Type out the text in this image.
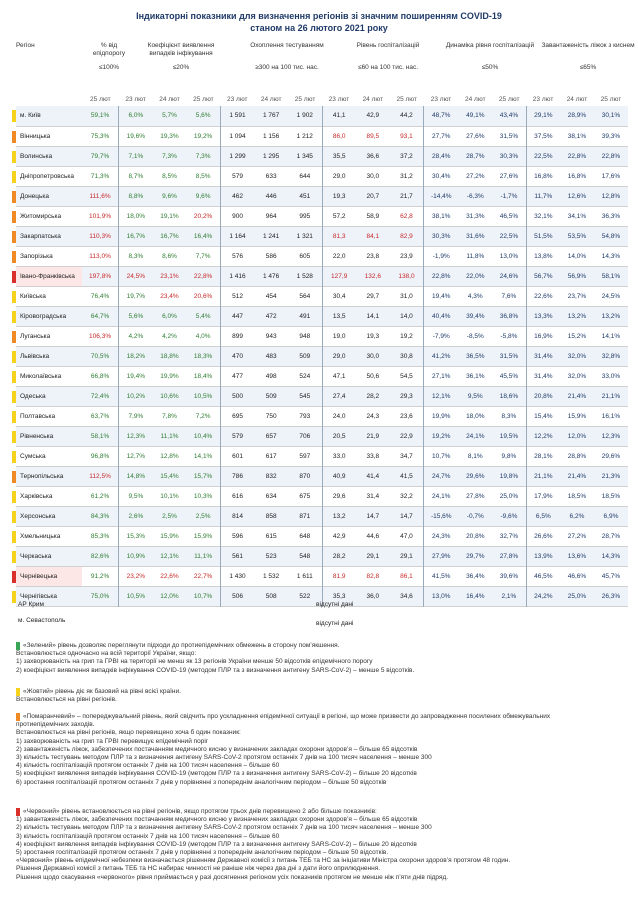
Індикаторні показники для визначення регіонів зі значним поширенням COVID-19
станом на 26 лютого 2021 року
Регіон	% від епідпорогу
≤100%
Коефіцієнт виявлення випадків інфікування
≤20%
Охоплення тестуванням
≥300 на 100 тис. нас.
Рівень госпіталізацій
≤60 на 100 тис. нас.
Динаміка рівня госпіталізацій
≤50%
Завантаженість ліжок з киснем
≤65%
	25 лют	23 лют	24 лют	25 лют	23 лют	24 лют	25 лют	23 лют	24 лют	25 лют	23 лют	24 лют	25 лют	23 лют	24 лют	25 лют

м. Київ	59,1%	6,0%	5,7%	5,6%	1 591	1 767	1 902	41,1	42,9	44,2	48,7%	49,1%	43,4%	29,1%	28,9%	30,1%

Вінницька	75,3%	19,6%	19,3%	19,2%	1 094	1 156	1 212	86,0	89,5	93,1	27,7%	27,6%	31,5%	37,5%	38,1%	39,3%

Волинська	79,7%	7,1%	7,3%	7,3%	1 299	1 295	1 345	35,5	36,6	37,2	28,4%	28,7%	30,3%	22,5%	22,8%	22,8%

Дніпропетровська	71,3%	8,7%	8,5%	8,5%	579	633	644	29,0	30,0	31,2	30,4%	27,2%	27,6%	16,8%	16,8%	17,6%

Донецька	111,6%	8,8%	9,6%	9,6%	462	446	451	19,3	20,7	21,7	-14,4%	-6,3%	-1,7%	11,7%	12,6%	12,8%

Житомирська	101,9%	18,0%	19,1%	20,2%	900	964	995	57,2	58,9	62,8	38,1%	31,3%	46,5%	32,1%	34,1%	36,3%

Закарпатська	110,3%	16,7%	16,7%	16,4%	1 164	1 241	1 321	81,3	84,1	82,9	30,3%	31,6%	22,5%	51,5%	53,5%	54,8%

Запорізька	113,0%	8,3%	8,6%	7,7%	576	586	605	22,0	23,8	23,9	-1,9%	11,8%	13,0%	13,8%	14,0%	14,3%

Івано-Франківська	197,8%	24,5%	23,1%	22,8%	1 416	1 476	1 528	127,9	132,6	138,0	22,8%	22,0%	24,6%	56,7%	56,9%	58,1%

Київська	76,4%	19,7%	23,4%	20,6%	512	454	564	30,4	29,7	31,0	19,4%	4,3%	7,6%	22,6%	23,7%	24,5%

Кіровоградська	64,7%	5,6%	6,0%	5,4%	447	472	491	13,5	14,1	14,0	40,4%	39,4%	36,8%	13,3%	13,2%	13,2%

Луганська	106,3%	4,2%	4,2%	4,0%	899	943	948	19,0	19,3	19,2	-7,9%	-8,5%	-5,8%	16,9%	15,2%	14,1%

Львівська	70,5%	18,2%	18,8%	18,3%	470	483	509	29,0	30,0	30,8	41,2%	36,5%	31,5%	31,4%	32,0%	32,8%

Миколаївська	66,8%	19,4%	19,9%	18,4%	477	498	524	47,1	50,6	54,5	27,1%	36,1%	45,5%	31,4%	32,0%	33,0%

Одеська	72,4%	10,2%	10,6%	10,5%	500	509	545	27,4	28,2	29,3	12,1%	9,5%	18,6%	20,8%	21,4%	21,1%

Полтавська	63,7%	7,9%	7,8%	7,2%	695	750	793	24,0	24,3	23,6	19,9%	18,0%	8,3%	15,4%	15,9%	16,1%

Рівненська	58,1%	12,3%	11,1%	10,4%	579	657	706	20,5	21,9	22,9	19,2%	24,1%	19,5%	12,2%	12,0%	12,3%

Сумська	96,8%	12,7%	12,8%	14,1%	601	617	597	33,0	33,8	34,7	10,7%	8,1%	9,8%	28,1%	28,8%	29,6%

Тернопільська	112,5%	14,8%	15,4%	15,7%	786	832	870	40,9	41,4	41,5	24,7%	29,6%	19,8%	21,1%	21,4%	21,3%

Харківська	61,2%	9,5%	10,1%	10,3%	616	634	675	29,6	31,4	32,2	24,1%	27,8%	25,0%	17,9%	18,5%	18,5%

Херсонська	84,3%	2,6%	2,5%	2,5%	814	858	871	13,2	14,7	14,7	-15,6%	-0,7%	-9,6%	6,5%	6,2%	6,9%

Хмельницька	85,3%	15,3%	15,9%	15,9%	596	615	648	42,9	44,6	47,0	24,3%	20,8%	32,7%	26,6%	27,2%	28,7%

Черкаська	82,6%	10,9%	12,1%	11,1%	561	523	548	28,2	29,1	29,1	27,9%	29,7%	27,8%	13,9%	13,6%	14,3%

Чернівецька	91,2%	23,2%	22,6%	22,7%	1 430	1 532	1 611	81,9	82,8	86,1	41,5%	36,4%	39,6%	46,5%	46,6%	45,7%

Чернігівська	75,0%	10,5%	12,0%	10,7%	506	508	522	35,3	36,0	34,6	13,0%	16,4%	2,1%	24,2%	25,0%	26,3%
АР Крим	відсутні дані
м. Севастополь	відсутні дані
«Зелений» рівень дозволяє переглянути підходи до протиепідемічних обмежень в сторону пом’якшення.
Встановлюється одночасно на всій території України, якщо:
1) захворюваність на грип та ГРВІ на території не менш як 13 регіонів України менше 50 відсотків епідемічного порогу
2) коефіцієнт виявлення випадків інфікування COVID-19 (методом ПЛР та з визначення антигену SARS-CoV-2) – менше 5 відсотків.
«Жовтий» рівень діє як базовий на рівні всієї країни.
Встановлюється на рівні регіонів.
«Помаранчевий» – попереджувальний рівень, який свідчить про ускладнення епідемічної ситуації в регіоні, що може призвести до запровадження посилених обмежувальних
протиепідемічних заходів.
Встановлюється на рівні регіонів, якщо перевищено хоча б один показник:
1) захворюваність на грип та ГРВІ перевищує епідемічний поріг
2) завантаженість ліжок, забезпечених постачанням медичного кисню у визначених закладах охорони здоров’я – більше 65 відсотків
3) кількість тестувань методом ПЛР та з визначення антигену SARS-CoV-2 протягом останніх 7 днів на 100 тисяч населення – менше 300
4) кількість госпіталізацій протягом останніх 7 днів на 100 тисяч населення – більше 60
5) коефіцієнт виявлення випадків інфікування COVID-19 (методом ПЛР та з визначення антигену SARS-CoV-2) – більше 20 відсотків
6) зростання госпіталізацій протягом останніх 7 днів у порівнянні з попереднім аналогічним періодом – більше 50 відсотків
«Червоний» рівень встановлюється на рівні регіонів, якщо протягом трьох днів перевищено 2 або більше показників:
1) завантаженість ліжок, забезпечених постачанням медичного кисню у визначених закладах охорони здоров’я – більше 65 відсотків
2) кількість тестувань методом ПЛР та з визначення антигену SARS-CoV-2 протягом останніх 7 днів на 100 тисяч населення – менше 300
3) кількість госпіталізацій протягом останніх 7 днів на 100 тисяч населення – більше 60
4) коефіцієнт виявлення випадків інфікування COVID-19 (методом ПЛР та з визначення антигену SARS-CoV-2) – більше 20 відсотків
5) зростання госпіталізацій протягом останніх 7 днів у порівнянні з попереднім аналогічним періодом – більше 50 відсотків.
«Червоний» рівень епідемічної небезпеки визначається рішенням Державної комісії з питань ТЕБ та НС за ініціативи Міністра охорони здоров’я протягом 48 годин.
Рішення Державної комісії з питань ТЕБ та НС набирає чинності не раніше ніж через два дні з дати його оприлюднення.
Рішення щодо скасування «червоного» рівня приймається у разі досягнення регіоном усіх показників протягом не менше ніж п’яти днів підряд.
